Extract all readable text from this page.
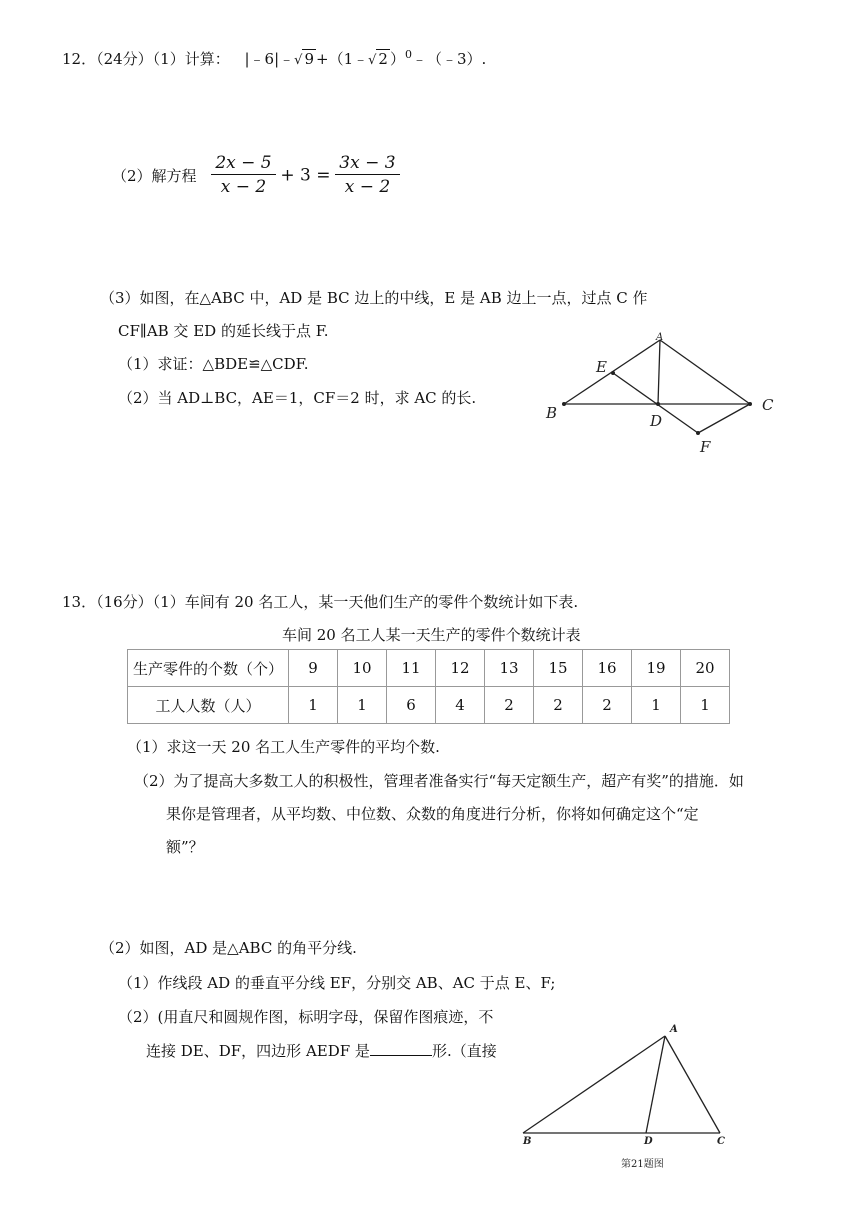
12．（24分）（1）计算： |﹣6|﹣√ 9 +（1﹣√ 2 ）$^0$﹣（﹣3）.
（2）解方程 $\frac{2x - 5}{x - 2} + 3 = \frac{3x - 3}{x - 2}$
（3）如图，在△ABC 中，AD 是 BC 边上的中线，E 是 AB 边上一点，过点 C 作
CF∥AB 交 ED 的延长线于点 F.
（1）求证：△BDE≌△CDF.
（2）当 AD⊥BC，AE＝1，CF＝2 时，求 AC 的长.
A
E
B	D
C
F
13．（16分）（1）车间有 20 名工人，某一天他们生产的零件个数统计如下表.
车间 20 名工人某一天生产的零件个数统计表
生产零件的个数（个）	9	10	11	12	13	15	16	19	20
工人人数（人）	1	1	6	4	2	2	2	1	1
（1）求这一天 20 名工人生产零件的平均个数.
（2）为了提高大多数工人的积极性，管理者准备实行“每天定额生产，超产有奖”的措施．如
果你是管理者，从平均数、中位数、众数的角度进行分析，你将如何确定这个“定
额”？
（2）如图，AD 是△ABC 的角平分线.
（1）作线段 AD 的垂直平分线 EF，分别交 AB、AC 于点 E、F;
（2）(用直尺和圆规作图，标明字母，保留作图痕迹，不
连接 DE、DF，四边形 AEDF 是	形.（直接
A
B	D	C
第21题图
